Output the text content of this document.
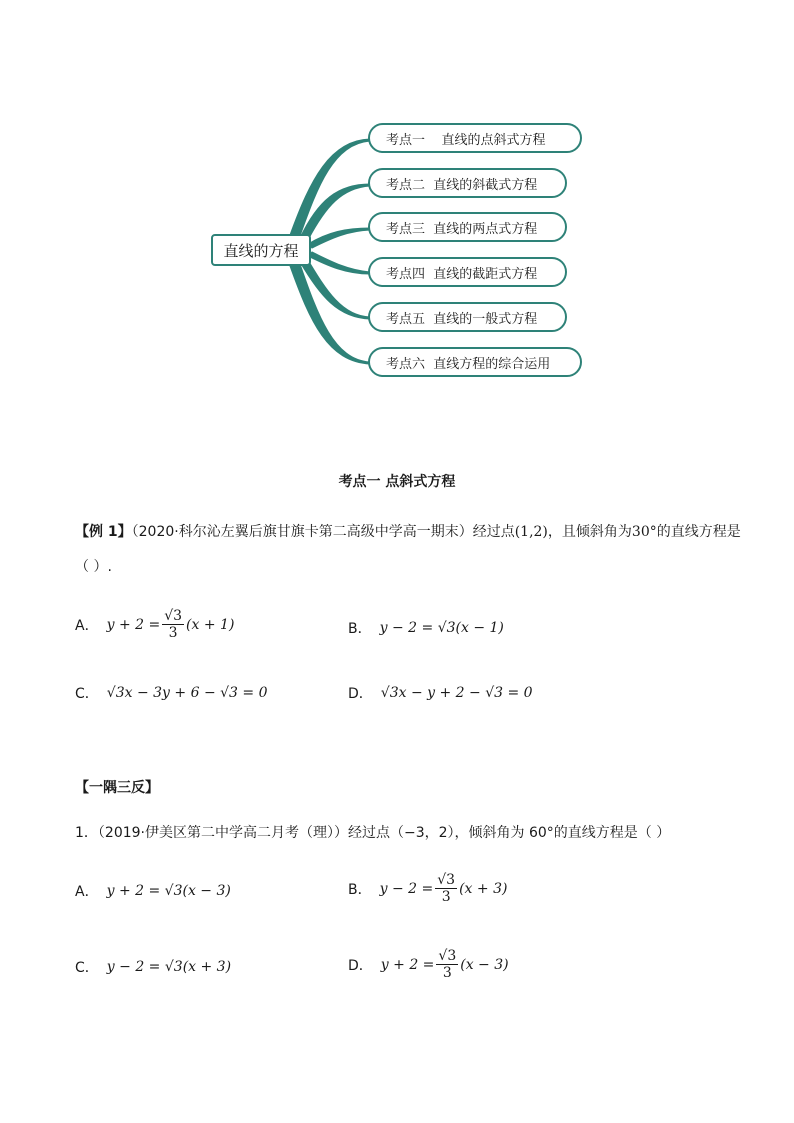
直线的方程
考点一    直线的点斜式方程
考点二  直线的斜截式方程
考点三  直线的两点式方程
考点四  直线的截距式方程
考点五  直线的一般式方程
考点六  直线方程的综合运用
考点一 点斜式方程
【例 1】（2020·科尔沁左翼后旗甘旗卡第二高级中学高一期末）经过点(1,2)，且倾斜角为30°的直线方程是
（ ）.
A． $y + 2 = \frac{√3}{3} (x + 1)$	B． y − 2 = √3(x − 1)
C． √3x − 3y + 6 − √3 = 0	D． √3x − y + 2 − √3 = 0
【一隅三反】
1．（2019·伊美区第二中学高二月考（理））经过点（−3，2），倾斜角为 60°的直线方程是（ ）
A． y + 2 = √3(x − 3)	B． $y - 2 = \frac{√3}{3} (x + 3)$
C． y − 2 = √3(x + 3)	D． $y + 2 = \frac{√3}{3} (x - 3)$
